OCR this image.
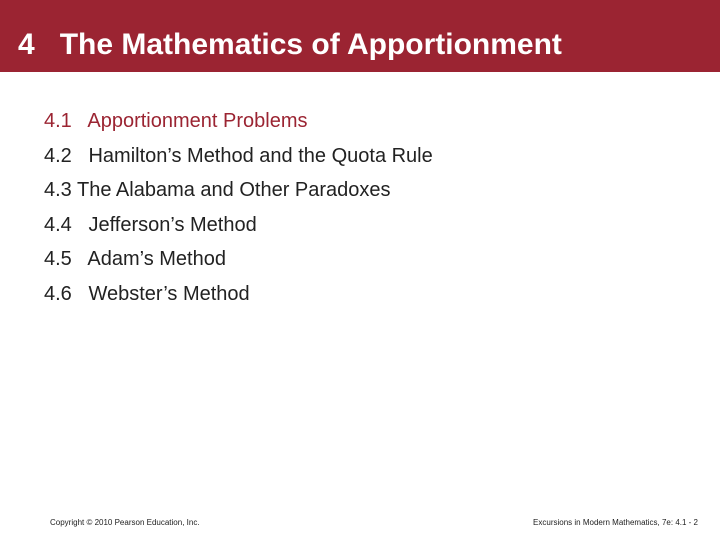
4   The Mathematics of Apportionment
4.1   Apportionment Problems
4.2   Hamilton’s Method and the Quota Rule
4.3 The Alabama and Other Paradoxes
4.4   Jefferson’s Method
4.5   Adam’s Method
4.6   Webster’s Method
Copyright © 2010 Pearson Education, Inc.	Excursions in Modern Mathematics, 7e: 4.1 - 2
